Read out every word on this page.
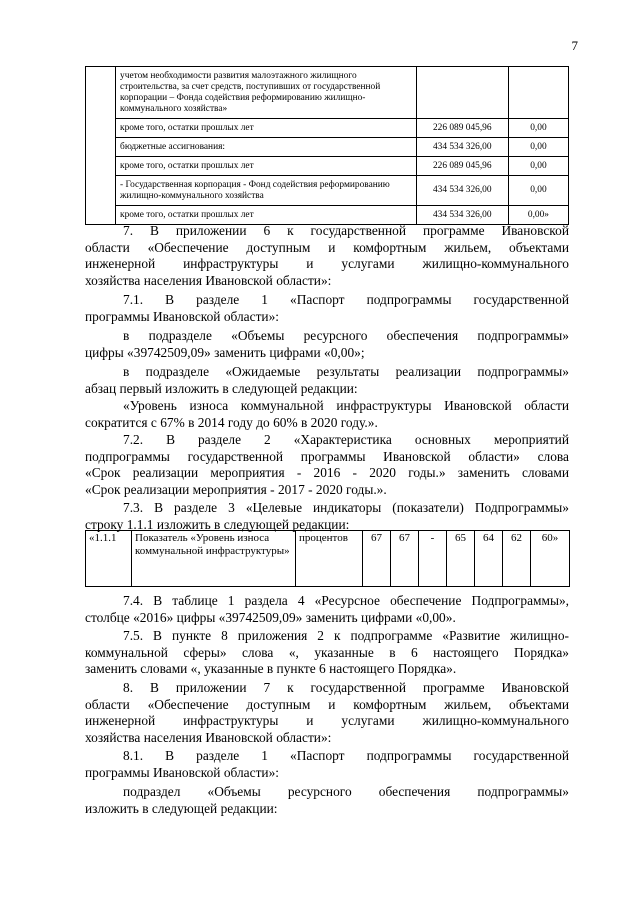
7
	учетом необходимости развития малоэтажного жилищного строительства, за счет средств, поступивших от государственной корпорации – Фонда содействия реформированию жилищно-коммунального хозяйства»		
	кроме того, остатки прошлых лет	226 089 045,96	0,00
	бюджетные ассигнования:	434 534 326,00	0,00
	кроме того, остатки прошлых лет	226 089 045,96	0,00
	- Государственная корпорация - Фонд содействия реформированию жилищно-коммунального хозяйства	434 534 326,00	0,00
	кроме того, остатки прошлых лет	434 534 326,00	0,00»
7. В приложении 6 к государственной программе Ивановской
области «Обеспечение доступным и комфортным жильем, объектами
инженерной инфраструктуры и услугами жилищно-коммунального
хозяйства населения Ивановской области»:
7.1. В разделе 1 «Паспорт подпрограммы государственной
программы Ивановской области»:
в подразделе «Объемы ресурсного обеспечения подпрограммы»
цифры «39742509,09» заменить цифрами «0,00»;
в подразделе «Ожидаемые результаты реализации подпрограммы»
абзац первый изложить в следующей редакции:
«Уровень износа коммунальной инфраструктуры Ивановской области
сократится с 67% в 2014 году до 60% в 2020 году.».
7.2. В разделе 2 «Характеристика основных мероприятий
подпрограммы государственной программы Ивановской области» слова
«Срок реализации мероприятия - 2016 - 2020 годы.» заменить словами
«Срок реализации мероприятия - 2017 - 2020 годы.».
7.3. В разделе 3 «Целевые индикаторы (показатели) Подпрограммы»
строку 1.1.1 изложить в следующей редакции:
«1.1.1	Показатель «Уровень износа коммунальной инфраструктуры»	процентов	67	67	-	65	64	62	60»
7.4. В таблице 1 раздела 4 «Ресурсное обеспечение Подпрограммы»,
столбце «2016» цифры «39742509,09» заменить цифрами «0,00».
7.5. В пункте 8 приложения 2 к подпрограмме «Развитие жилищно-
коммунальной сферы» слова «, указанные в 6 настоящего Порядка»
заменить словами «, указанные в пункте 6 настоящего Порядка».
8. В приложении 7 к государственной программе Ивановской
области «Обеспечение доступным и комфортным жильем, объектами
инженерной инфраструктуры и услугами жилищно-коммунального
хозяйства населения Ивановской области»:
8.1. В разделе 1 «Паспорт подпрограммы государственной
программы Ивановской области»:
подраздел «Объемы ресурсного обеспечения подпрограммы»
изложить в следующей редакции:
